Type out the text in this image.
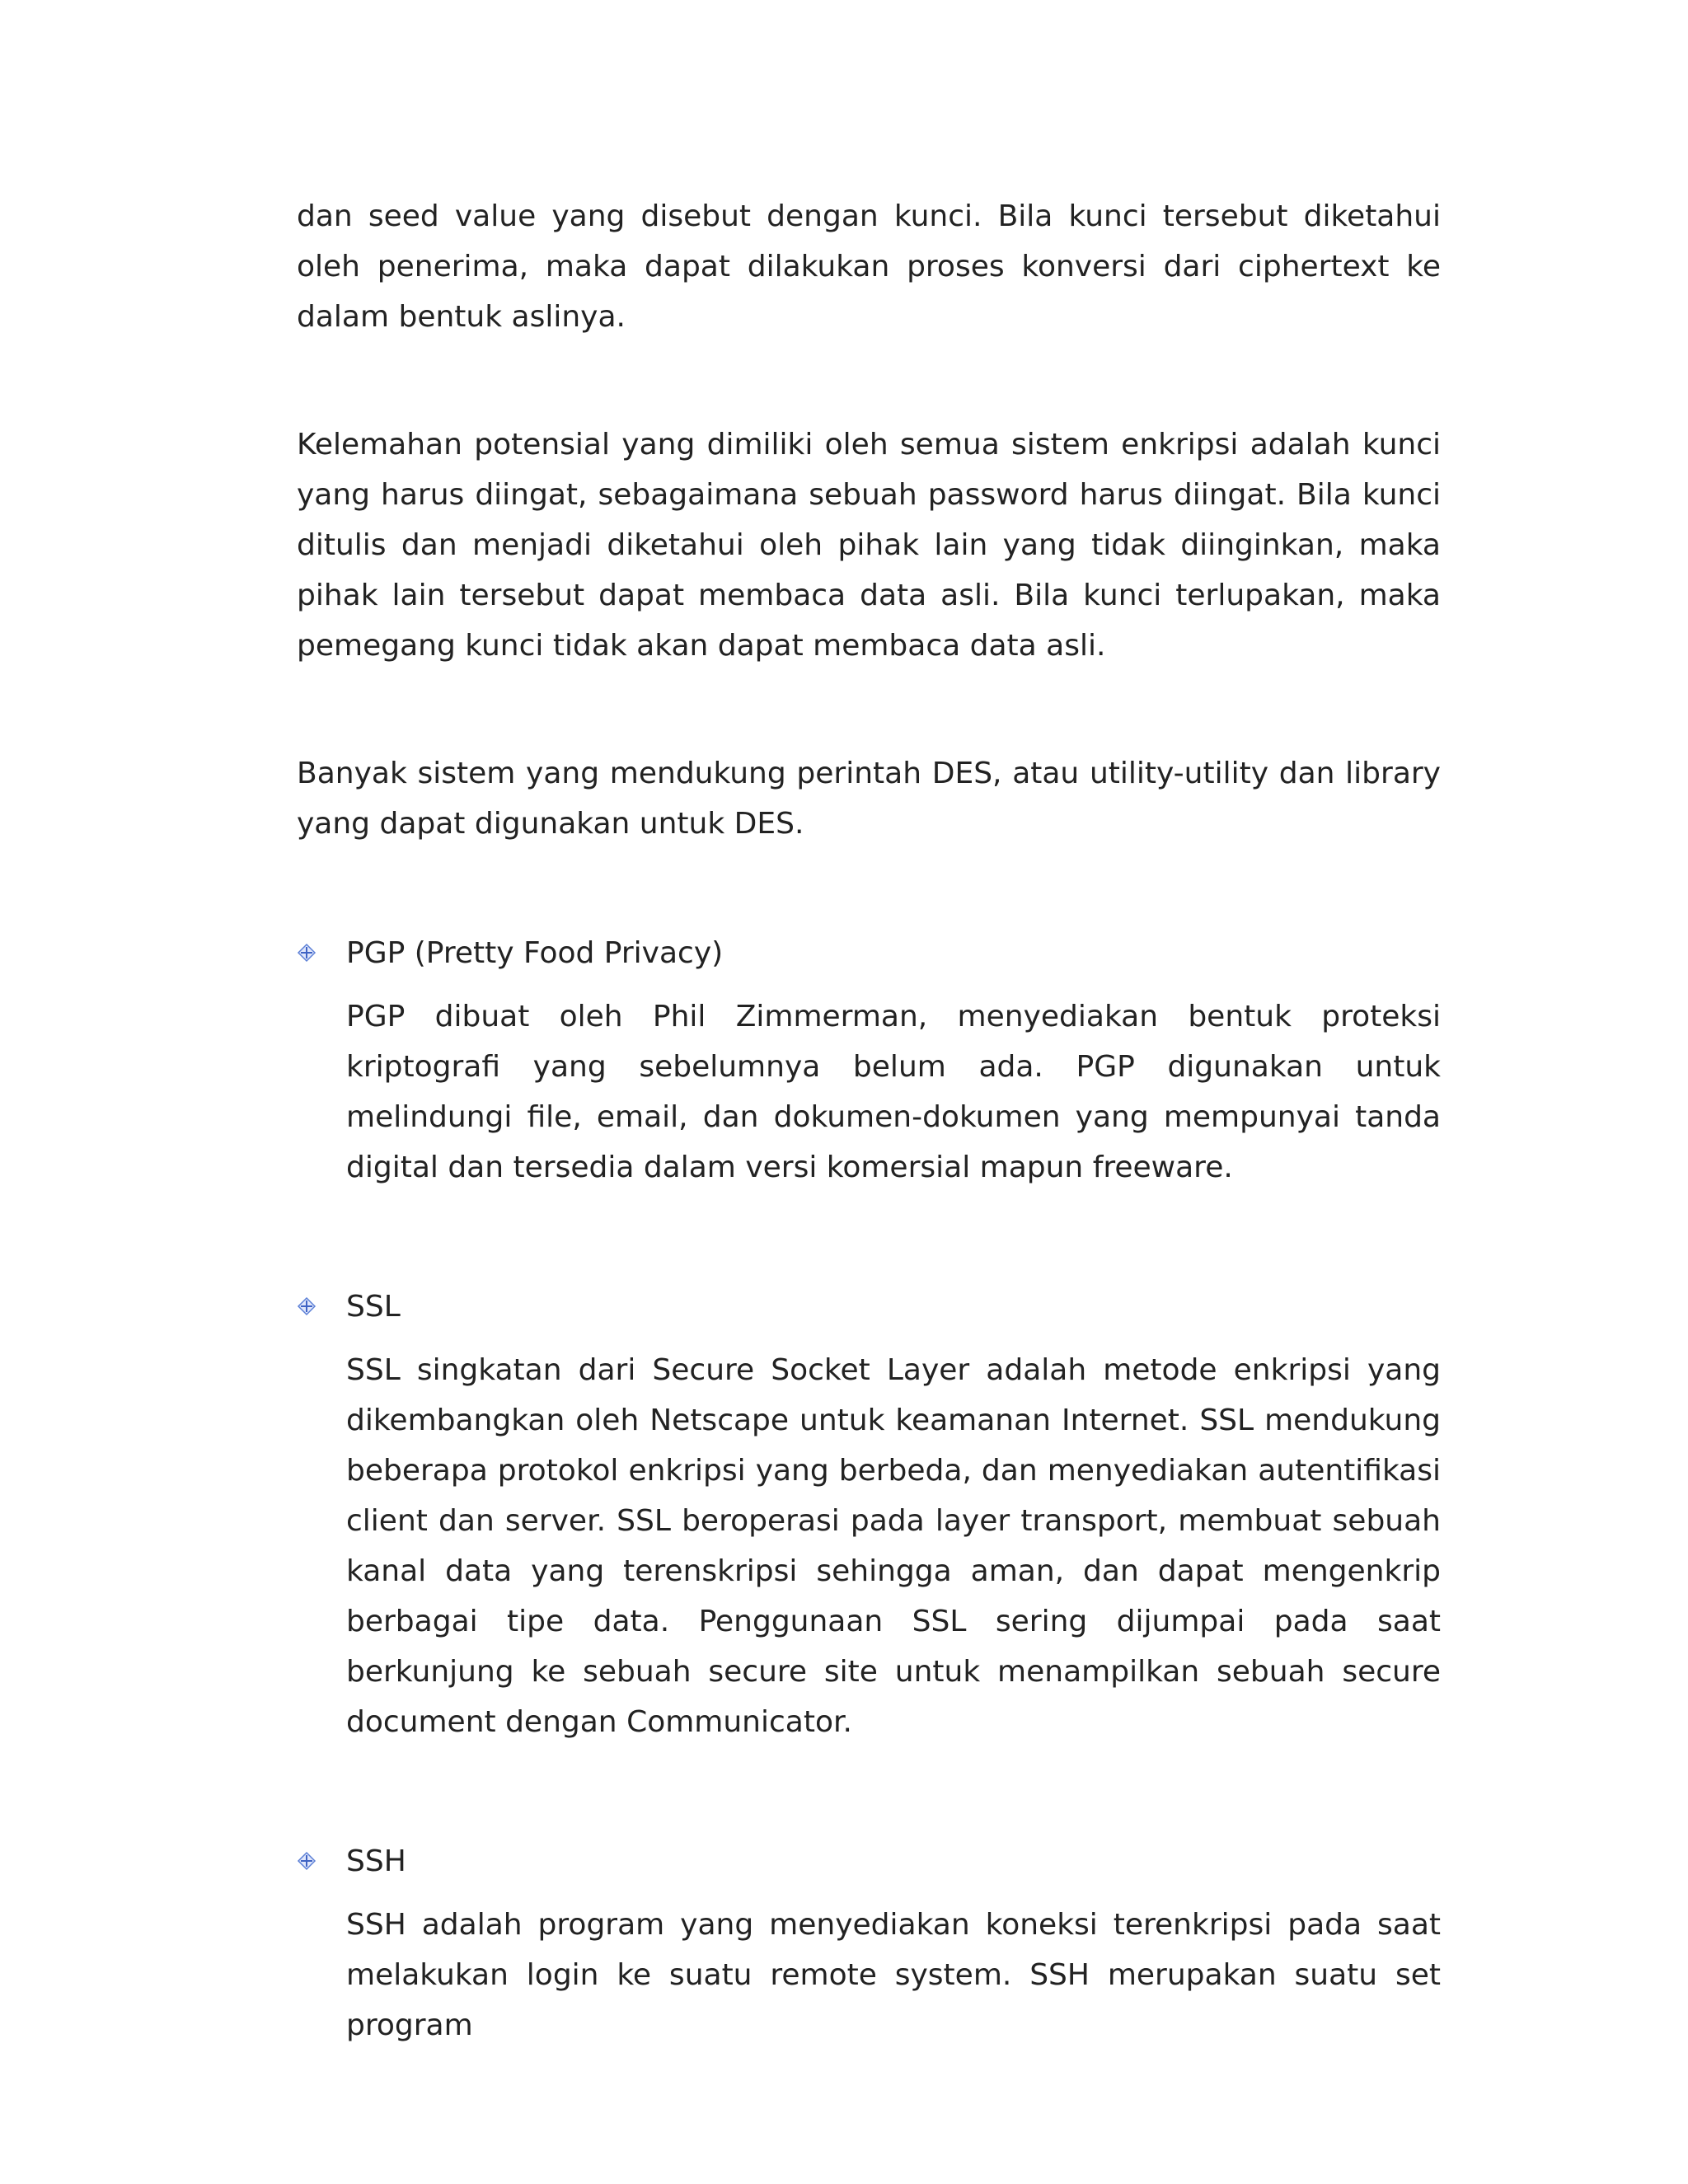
dan seed value yang disebut dengan kunci. Bila kunci tersebut diketahui oleh penerima, maka dapat dilakukan proses konversi dari ciphertext ke dalam bentuk aslinya.

Kelemahan potensial yang dimiliki oleh semua sistem enkripsi adalah kunci yang harus diingat, sebagaimana sebuah password harus diingat. Bila kunci ditulis dan menjadi diketahui oleh pihak lain yang tidak diinginkan, maka pihak lain tersebut dapat membaca data asli. Bila kunci terlupakan, maka pemegang kunci tidak akan dapat membaca data asli.

Banyak sistem yang mendukung perintah DES, atau utility-utility dan library yang dapat digunakan untuk DES.

PGP (Pretty Food Privacy)

PGP dibuat oleh Phil Zimmerman, menyediakan bentuk proteksi kriptografi yang sebelumnya belum ada. PGP digunakan untuk melindungi file, email, dan dokumen-dokumen yang mempunyai tanda digital dan tersedia dalam versi komersial mapun freeware.

SSL

SSL singkatan dari Secure Socket Layer adalah metode enkripsi yang dikembangkan oleh Netscape untuk keamanan Internet. SSL mendukung beberapa protokol enkripsi yang berbeda, dan menyediakan autentifikasi client dan server. SSL beroperasi pada layer transport, membuat sebuah kanal data yang terenskripsi sehingga aman, dan dapat mengenkrip berbagai tipe data. Penggunaan SSL sering dijumpai pada saat berkunjung ke sebuah secure site untuk menampilkan sebuah secure document dengan Communicator.

SSH

SSH adalah program yang menyediakan koneksi terenkripsi pada saat melakukan login ke suatu remote system. SSH merupakan suatu set program
